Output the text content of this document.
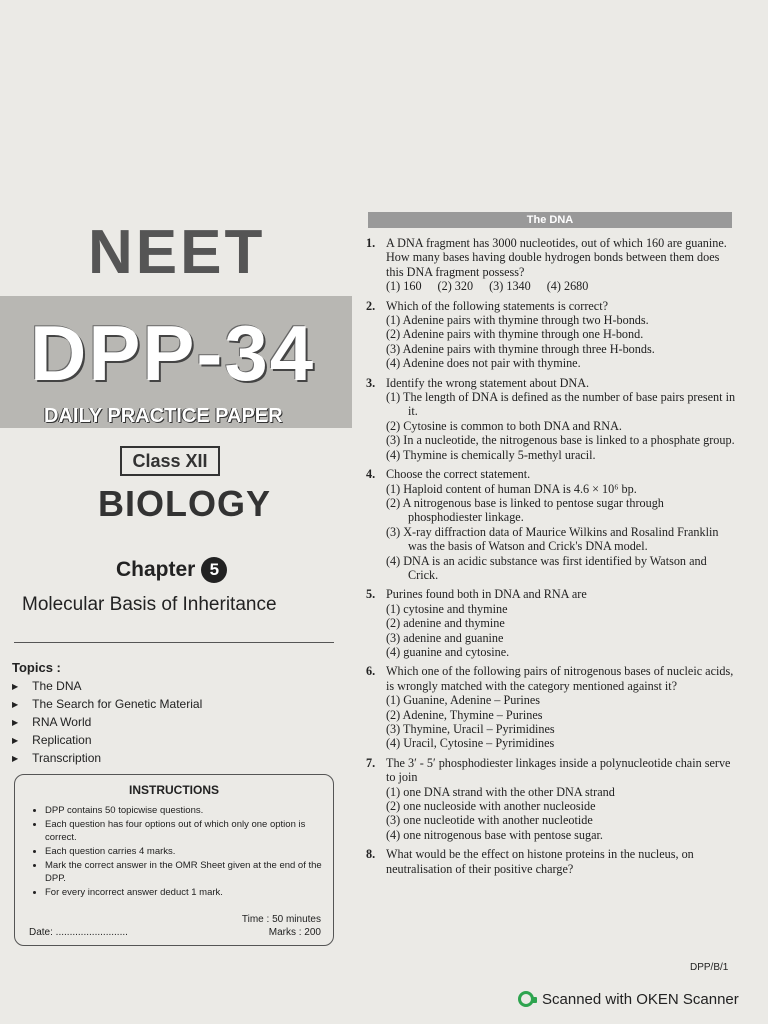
NEET
DPP-34
DAILY PRACTICE PAPER
Class XII
BIOLOGY
Chapter 5
Molecular Basis of Inheritance
Topics :
▶ The DNA
▶ The Search for Genetic Material
▶ RNA World
▶ Replication
▶ Transcription
INSTRUCTIONS
• DPP contains 50 topicwise questions.
• Each question has four options out of which only one option is correct.
• Each question carries 4 marks.
• Mark the correct answer in the OMR Sheet given at the end of the DPP.
• For every incorrect answer deduct 1 mark.
Date: ..........................
Time : 50 minutes
Marks : 200
The DNA
1. A DNA fragment has 3000 nucleotides, out of which 160 are guanine. How many bases having double hydrogen bonds between them does this DNA fragment possess?
(1) 160 (2) 320 (3) 1340 (4) 2680
2. Which of the following statements is correct?
(1) Adenine pairs with thymine through two H-bonds.
(2) Adenine pairs with thymine through one H-bond.
(3) Adenine pairs with thymine through three H-bonds.
(4) Adenine does not pair with thymine.
3. Identify the wrong statement about DNA.
(1) The length of DNA is defined as the number of base pairs present in it.
(2) Cytosine is common to both DNA and RNA.
(3) In a nucleotide, the nitrogenous base is linked to a phosphate group.
(4) Thymine is chemically 5-methyl uracil.
4. Choose the correct statement.
(1) Haploid content of human DNA is 4.6 × 10⁶ bp.
(2) A nitrogenous base is linked to pentose sugar through phosphodiester linkage.
(3) X-ray diffraction data of Maurice Wilkins and Rosalind Franklin was the basis of Watson and Crick's DNA model.
(4) DNA is an acidic substance was first identified by Watson and Crick.
5. Purines found both in DNA and RNA are
(1) cytosine and thymine
(2) adenine and thymine
(3) adenine and guanine
(4) guanine and cytosine.
6. Which one of the following pairs of nitrogenous bases of nucleic acids, is wrongly matched with the category mentioned against it?
(1) Guanine, Adenine – Purines
(2) Adenine, Thymine – Purines
(3) Thymine, Uracil – Pyrimidines
(4) Uracil, Cytosine – Pyrimidines
7. The 3′ - 5′ phosphodiester linkages inside a polynucleotide chain serve to join
(1) one DNA strand with the other DNA strand
(2) one nucleoside with another nucleoside
(3) one nucleotide with another nucleotide
(4) one nitrogenous base with pentose sugar.
8. What would be the effect on histone proteins in the nucleus, on neutralisation of their positive charge?
DPP/B/1
Scanned with OKEN Scanner
